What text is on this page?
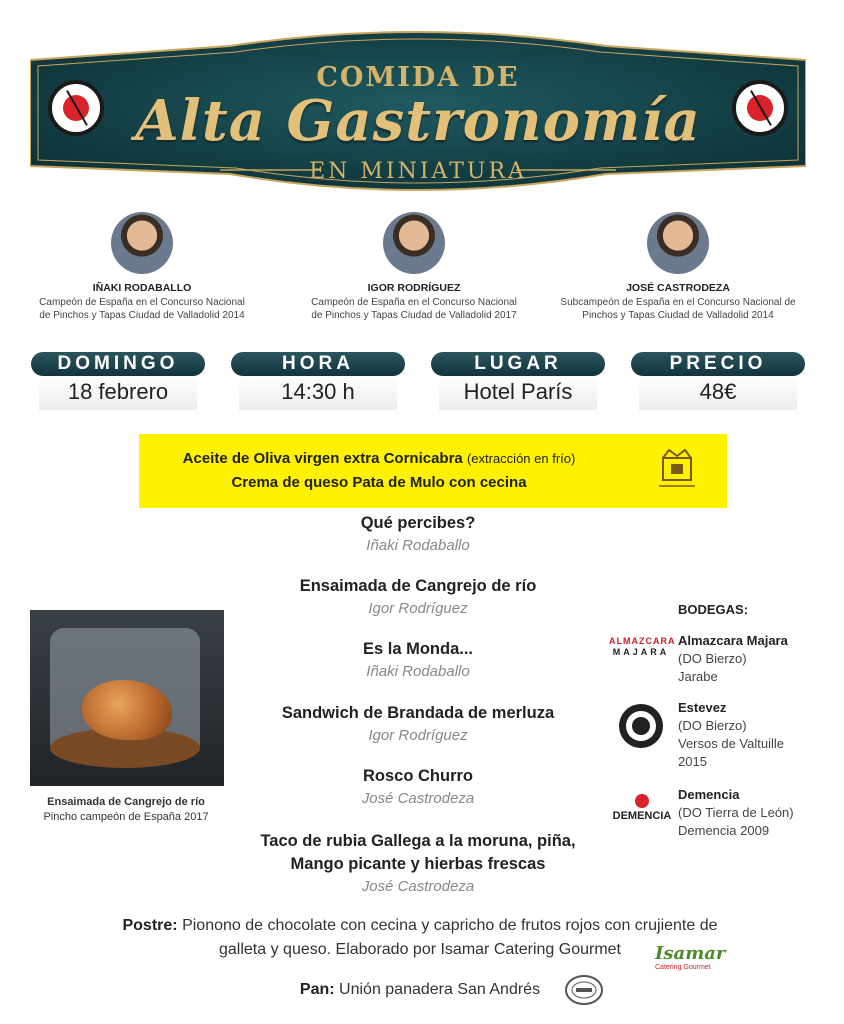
COMIDA DE
Alta Gastronomía
EN MINIATURA
IÑAKI RODABALLO
Campeón de España en el Concurso Nacional
de Pinchos y Tapas Ciudad de Valladolid 2014
IGOR RODRÍGUEZ
Campeón de España en el Concurso Nacional
de Pinchos y Tapas Ciudad de Valladolid 2017
JOSÉ CASTRODEZA
Subcampeón de España en el Concurso Nacional de
Pinchos y Tapas Ciudad de Valladolid 2014
DOMINGO
18 febrero
HORA
14:30 h
LUGAR
Hotel París
PRECIO
48€
Aceite de Oliva virgen extra Cornicabra (extracción en frío)
Crema de queso Pata de Mulo con cecina
Qué percibes?
Iñaki Rodaballo
Ensaimada de Cangrejo de río
Igor Rodríguez
Es la Monda...
Iñaki Rodaballo
Sandwich de Brandada de merluza
Igor Rodríguez
Rosco Churro
José Castrodeza
Taco de rubia Gallega a la moruna, piña,
Mango picante y hierbas frescas
José Castrodeza
Ensaimada de Cangrejo de río
Pincho campeón de España 2017
BODEGAS:
ALMAZCARA
MAJARA
Almazcara Majara
(DO Bierzo)
Jarabe
Estevez
(DO Bierzo)
Versos de Valtuille
2015
DEMENCIA
Demencia
(DO Tierra de León)
Demencia 2009
Postre: Pionono de chocolate con cecina y capricho de frutos rojos con crujiente de
galleta y queso. Elaborado por Isamar Catering Gourmet	Isamar
Catering Gourmet
Pan: Unión panadera San Andrés
